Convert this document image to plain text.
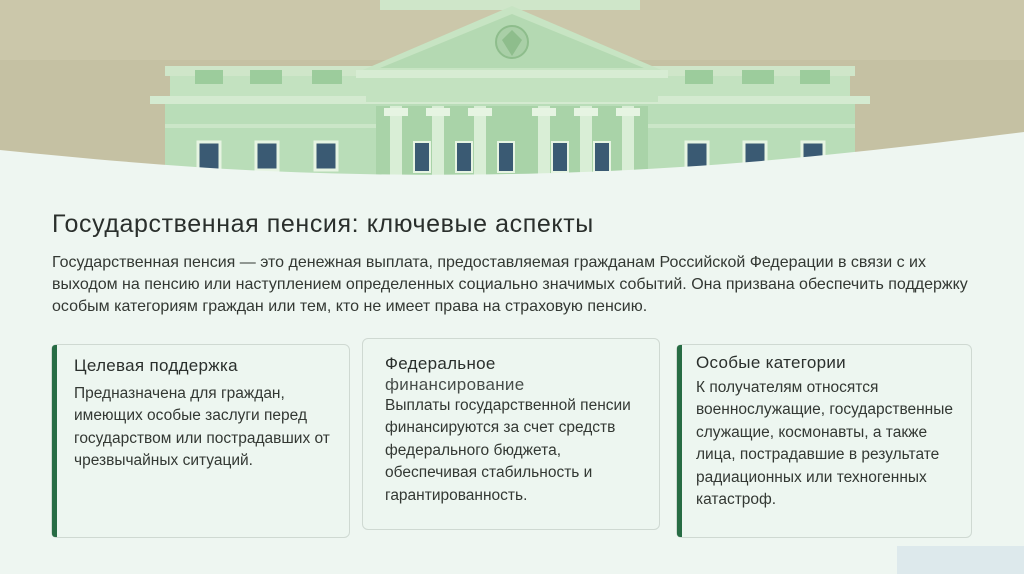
Государственная пенсия: ключевые аспекты

Государственная пенсия — это денежная выплата, предоставляемая гражданам Российской Федерации в связи с их выходом на пенсию или наступлением определенных социально значимых событий. Она призвана обеспечить поддержку особым категориям граждан или тем, кто не имеет права на страховую пенсию.

Целевая поддержка

Предназначена для граждан, имеющих особые заслуги перед государством или пострадавших от чрезвычайных ситуаций.

Федеральное
финансирование

Выплаты государственной пенсии финансируются за счет средств федерального бюджета, обеспечивая стабильность и гарантированность.

Особые категории

К получателям относятся военнослужащие, государственные служащие, космонавты, а также лица, пострадавшие в результате радиационных или техногенных катастроф.
